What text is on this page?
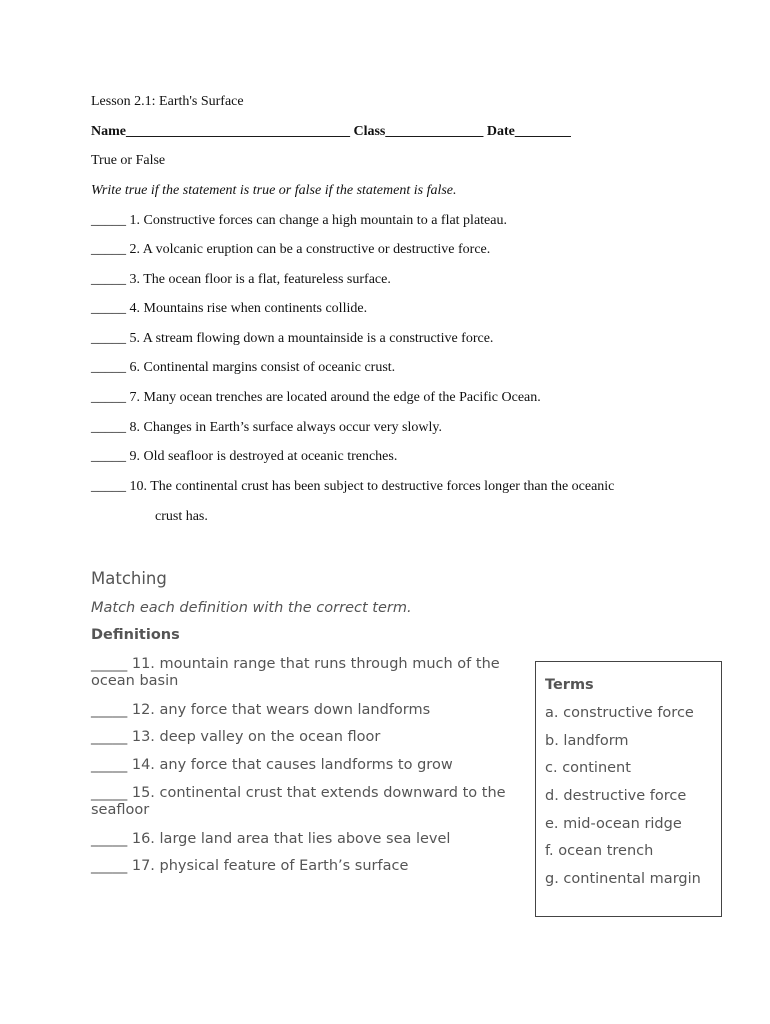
Lesson 2.1: Earth's Surface
Name________________________________ Class______________ Date________
True or False
Write true if the statement is true or false if the statement is false.
_____ 1. Constructive forces can change a high mountain to a flat plateau.
_____ 2. A volcanic eruption can be a constructive or destructive force.
_____ 3. The ocean floor is a flat, featureless surface.
_____ 4. Mountains rise when continents collide.
_____ 5. A stream flowing down a mountainside is a constructive force.
_____ 6. Continental margins consist of oceanic crust.
_____ 7. Many ocean trenches are located around the edge of the Pacific Ocean.
_____ 8. Changes in Earth’s surface always occur very slowly.
_____ 9. Old seafloor is destroyed at oceanic trenches.
_____ 10. The continental crust has been subject to destructive forces longer than the oceanic
crust has.
Matching
Match each definition with the correct term.
Definitions
_____ 11. mountain range that runs through much of the ocean basin
_____ 12. any force that wears down landforms
_____ 13. deep valley on the ocean floor
_____ 14. any force that causes landforms to grow
_____ 15. continental crust that extends downward to the seafloor
_____ 16. large land area that lies above sea level
_____ 17. physical feature of Earth’s surface
Terms
a. constructive force
b. landform
c. continent
d. destructive force
e. mid-ocean ridge
f. ocean trench
g. continental margin
